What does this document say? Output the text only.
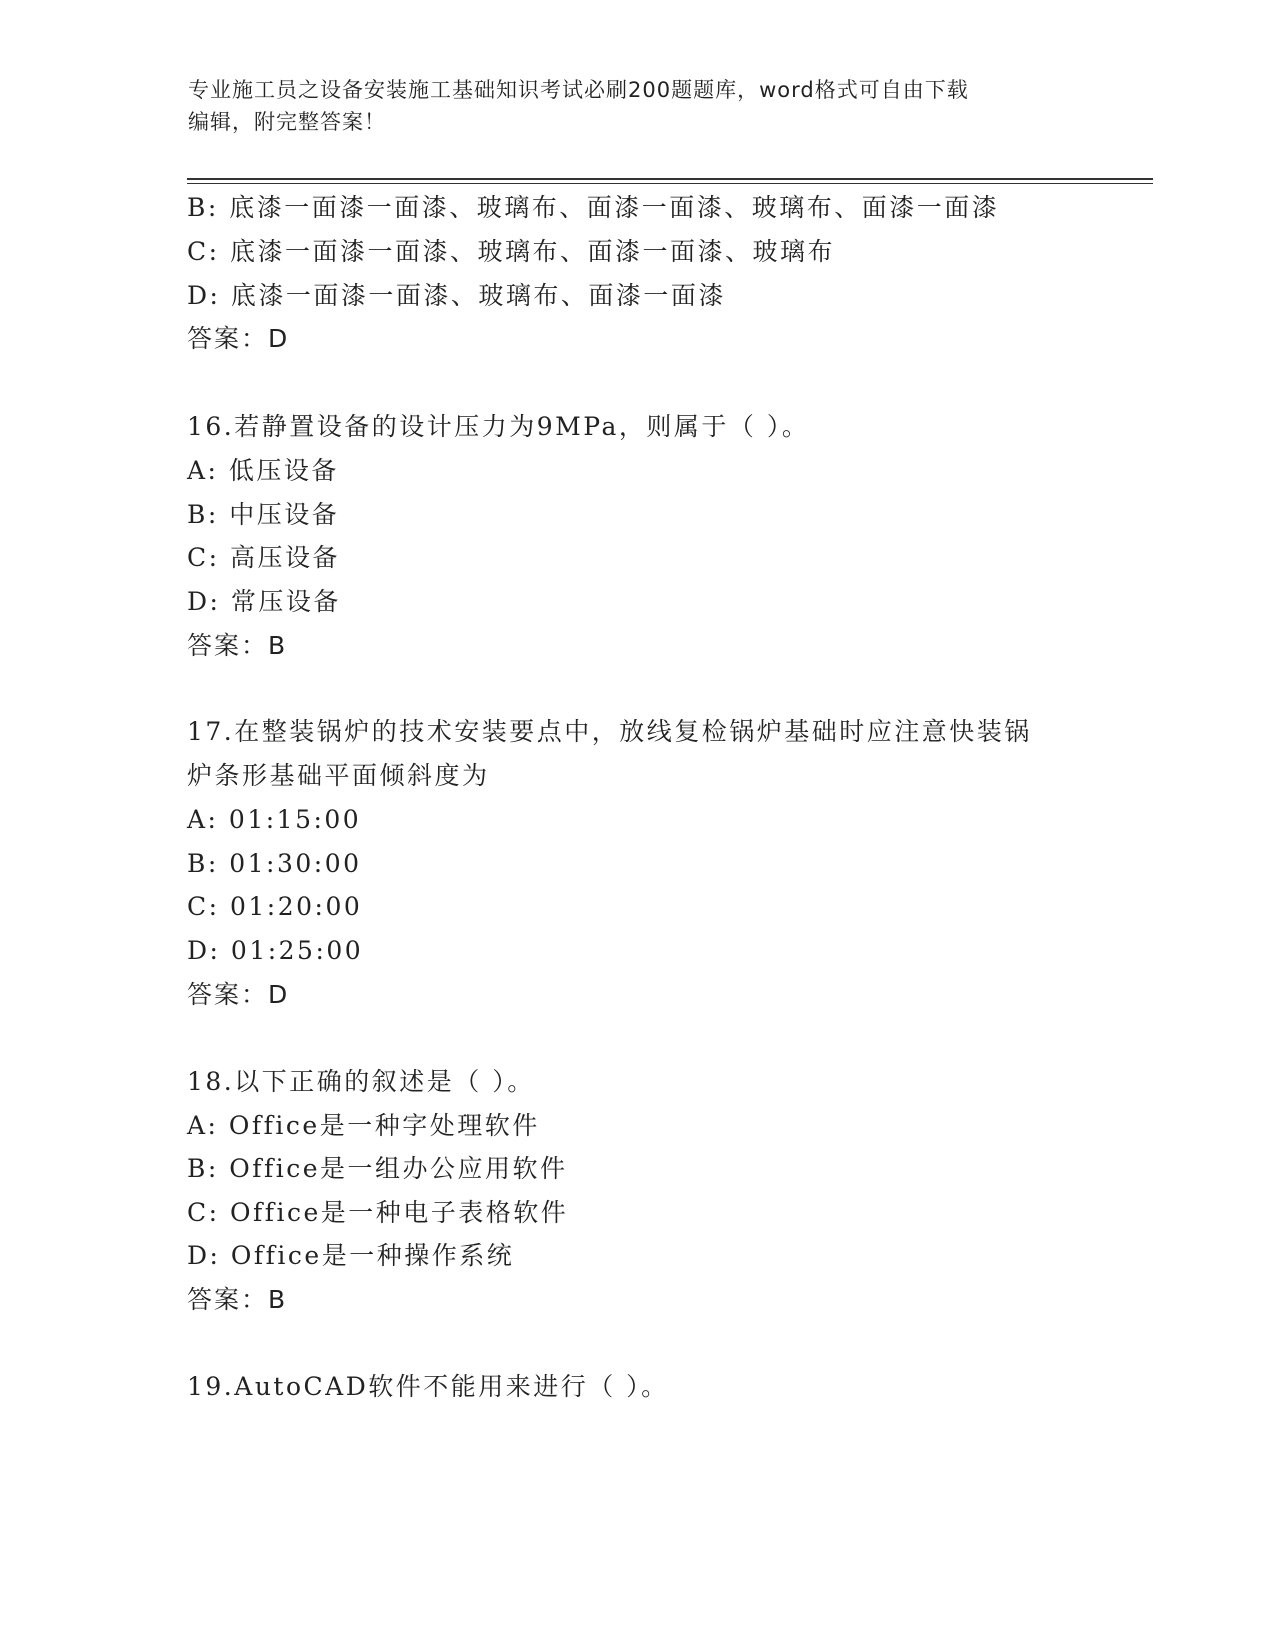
专业施工员之设备安装施工基础知识考试必刷200题题库，word格式可自由下载
编辑，附完整答案！
B: 底漆一面漆一面漆、玻璃布、面漆一面漆、玻璃布、面漆一面漆
C: 底漆一面漆一面漆、玻璃布、面漆一面漆、玻璃布
D: 底漆一面漆一面漆、玻璃布、面漆一面漆
答案：D
16.若静置设备的设计压力为9MPa，则属于（ ）。
A: 低压设备
B: 中压设备
C: 高压设备
D: 常压设备
答案：B
17.在整装锅炉的技术安装要点中，放线复检锅炉基础时应注意快装锅
炉条形基础平面倾斜度为
A: 01:15:00
B: 01:30:00
C: 01:20:00
D: 01:25:00
答案：D
18.以下正确的叙述是（ ）。
A: Office是一种字处理软件
B: Office是一组办公应用软件
C: Office是一种电子表格软件
D: Office是一种操作系统
答案：B
19.AutoCAD软件不能用来进行（ ）。
